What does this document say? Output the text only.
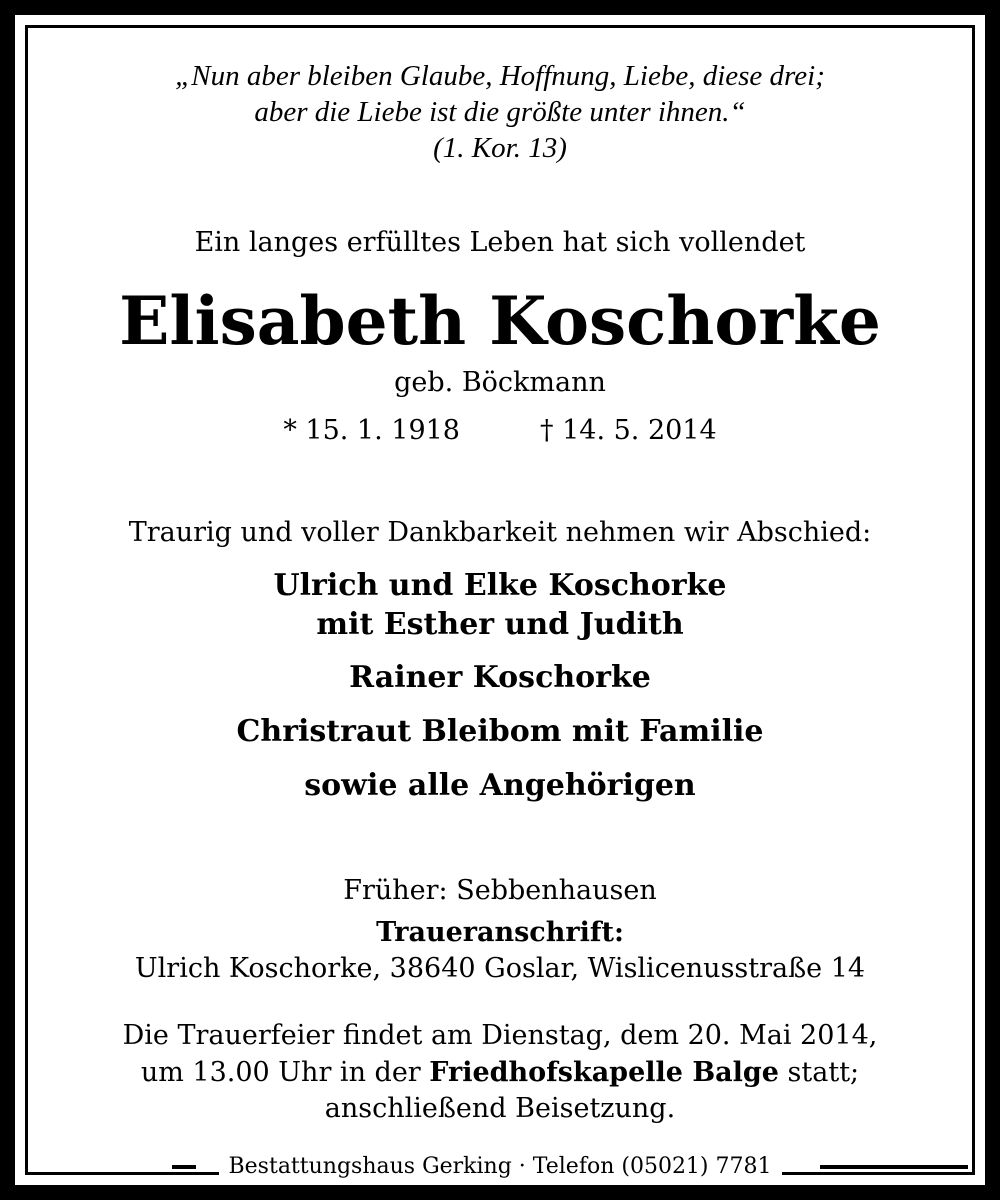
„Nun aber bleiben Glaube, Hoffnung, Liebe, diese drei;
aber die Liebe ist die größte unter ihnen.“
(1. Kor. 13)
Ein langes erfülltes Leben hat sich vollendet
Elisabeth Koschorke
geb. Böckmann
* 15. 1. 1918	† 14. 5. 2014
Traurig und voller Dankbarkeit nehmen wir Abschied:
Ulrich und Elke Koschorke
mit Esther und Judith
Rainer Koschorke
Christraut Bleibom mit Familie
sowie alle Angehörigen
Früher: Sebbenhausen
Traueranschrift:
Ulrich Koschorke, 38640 Goslar, Wislicenusstraße 14
Die Trauerfeier findet am Dienstag, dem 20. Mai 2014,
um 13.00 Uhr in der Friedhofskapelle Balge statt;
anschließend Beisetzung.
Bestattungshaus Gerking · Telefon (05021) 7781
